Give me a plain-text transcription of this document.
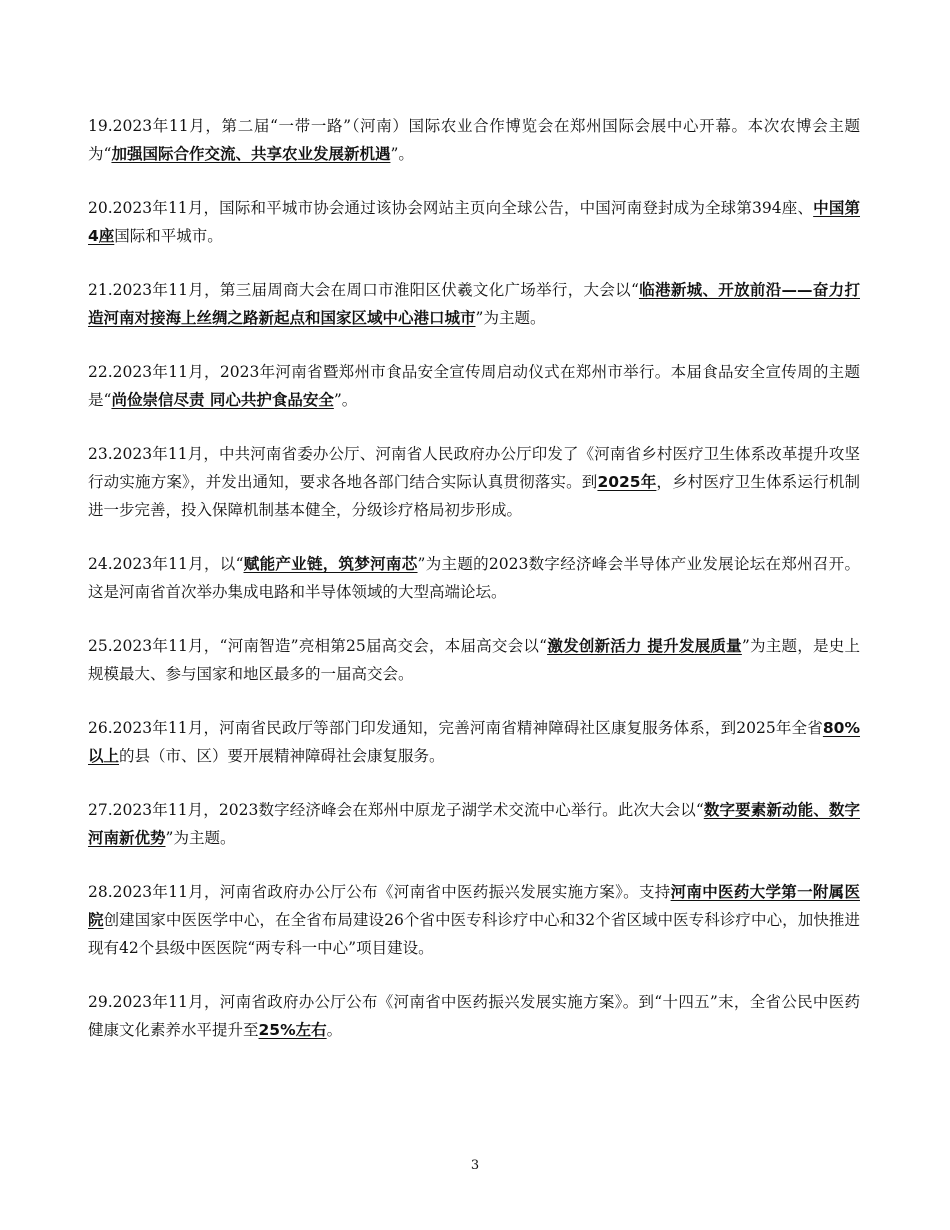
19.2023年11月，第二届“一带一路”（河南）国际农业合作博览会在郑州国际会展中心开幕。本次农博会主题为“加强国际合作交流、共享农业发展新机遇”。

20.2023年11月，国际和平城市协会通过该协会网站主页向全球公告，中国河南登封成为全球第394座、中国第4座国际和平城市。

21.2023年11月，第三届周商大会在周口市淮阳区伏羲文化广场举行，大会以“临港新城、开放前沿——奋力打造河南对接海上丝绸之路新起点和国家区域中心港口城市”为主题。

22.2023年11月，2023年河南省暨郑州市食品安全宣传周启动仪式在郑州市举行。本届食品安全宣传周的主题是“尚俭崇信尽责 同心共护食品安全”。

23.2023年11月，中共河南省委办公厅、河南省人民政府办公厅印发了《河南省乡村医疗卫生体系改革提升攻坚行动实施方案》，并发出通知，要求各地各部门结合实际认真贯彻落实。到2025年，乡村医疗卫生体系运行机制进一步完善，投入保障机制基本健全，分级诊疗格局初步形成。

24.2023年11月，以“赋能产业链，筑梦河南芯”为主题的2023数字经济峰会半导体产业发展论坛在郑州召开。这是河南省首次举办集成电路和半导体领域的大型高端论坛。

25.2023年11月，“河南智造”亮相第25届高交会，本届高交会以“激发创新活力 提升发展质量”为主题，是史上规模最大、参与国家和地区最多的一届高交会。

26.2023年11月，河南省民政厅等部门印发通知，完善河南省精神障碍社区康复服务体系，到2025年全省80%以上的县（市、区）要开展精神障碍社会康复服务。

27.2023年11月，2023数字经济峰会在郑州中原龙子湖学术交流中心举行。此次大会以“数字要素新动能、数字河南新优势”为主题。

28.2023年11月，河南省政府办公厅公布《河南省中医药振兴发展实施方案》。支持河南中医药大学第一附属医院创建国家中医医学中心，在全省布局建设26个省中医专科诊疗中心和32个省区域中医专科诊疗中心，加快推进现有42个县级中医医院“两专科一中心”项目建设。

29.2023年11月，河南省政府办公厅公布《河南省中医药振兴发展实施方案》。到“十四五”末，全省公民中医药健康文化素养水平提升至25%左右。

3
